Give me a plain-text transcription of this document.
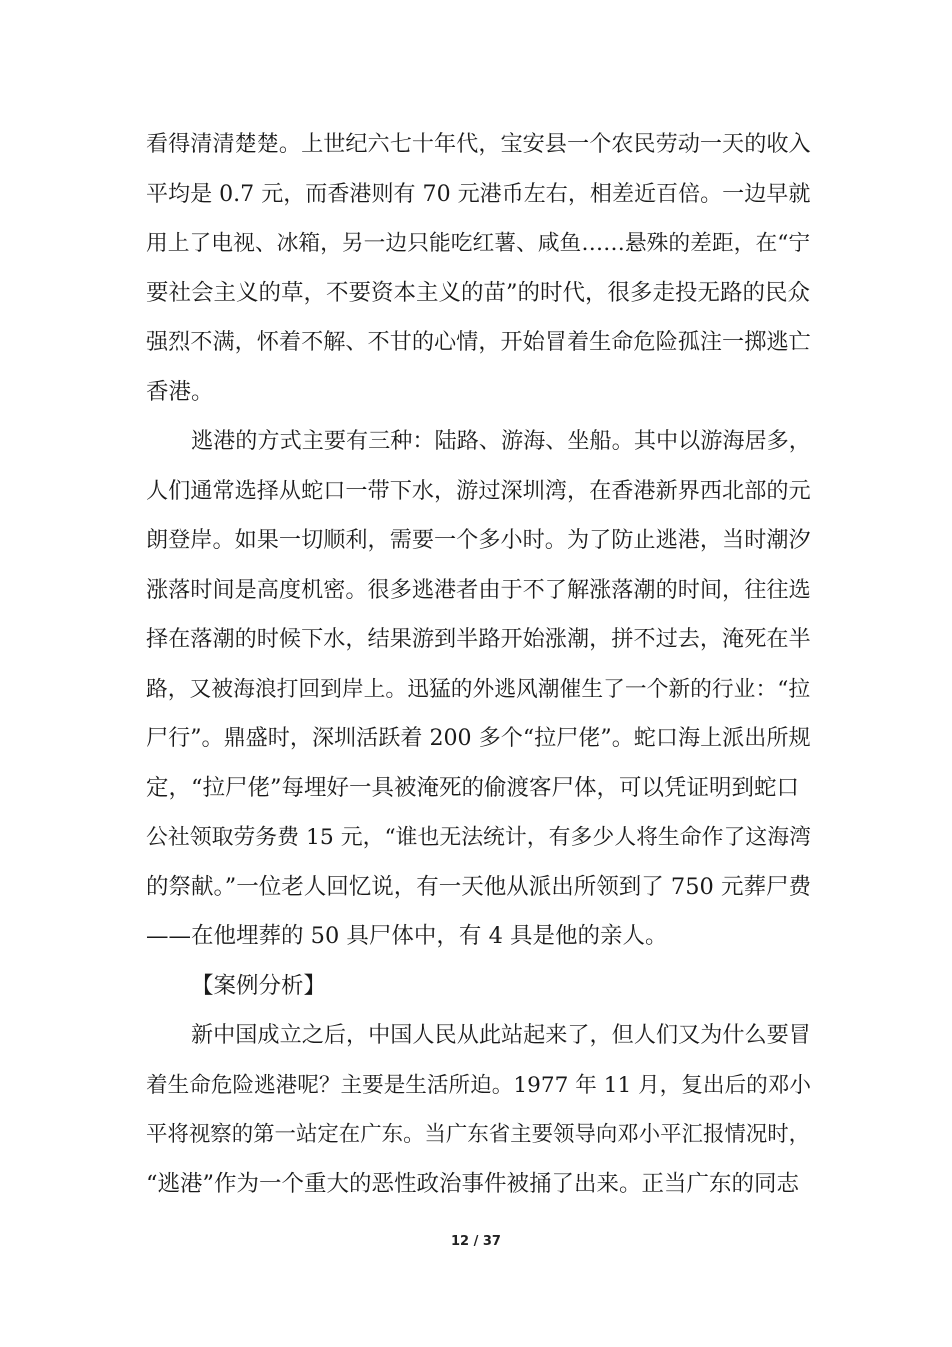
看得清清楚楚。上世纪六七十年代，宝安县一个农民劳动一天的收入
平均是 0.7 元，而香港则有 70 元港币左右，相差近百倍。一边早就
用上了电视、冰箱，另一边只能吃红薯、咸鱼……悬殊的差距，在“宁
要社会主义的草，不要资本主义的苗”的时代，很多走投无路的民众
强烈不满，怀着不解、不甘的心情，开始冒着生命危险孤注一掷逃亡
香港。
逃港的方式主要有三种：陆路、游海、坐船。其中以游海居多，
人们通常选择从蛇口一带下水，游过深圳湾，在香港新界西北部的元
朗登岸。如果一切顺利，需要一个多小时。为了防止逃港，当时潮汐
涨落时间是高度机密。很多逃港者由于不了解涨落潮的时间，往往选
择在落潮的时候下水，结果游到半路开始涨潮，拼不过去，淹死在半
路，又被海浪打回到岸上。迅猛的外逃风潮催生了一个新的行业：“拉
尸行”。鼎盛时，深圳活跃着 200 多个“拉尸佬”。蛇口海上派出所规
定，“拉尸佬”每埋好一具被淹死的偷渡客尸体，可以凭证明到蛇口
公社领取劳务费 15 元，“谁也无法统计，有多少人将生命作了这海湾
的祭献。”一位老人回忆说，有一天他从派出所领到了 750 元葬尸费
——在他埋葬的 50 具尸体中，有 4 具是他的亲人。
【案例分析】
新中国成立之后，中国人民从此站起来了，但人们又为什么要冒
着生命危险逃港呢？主要是生活所迫。1977 年 11 月，复出后的邓小
平将视察的第一站定在广东。当广东省主要领导向邓小平汇报情况时，
“逃港”作为一个重大的恶性政治事件被捅了出来。正当广东的同志
12 / 37
